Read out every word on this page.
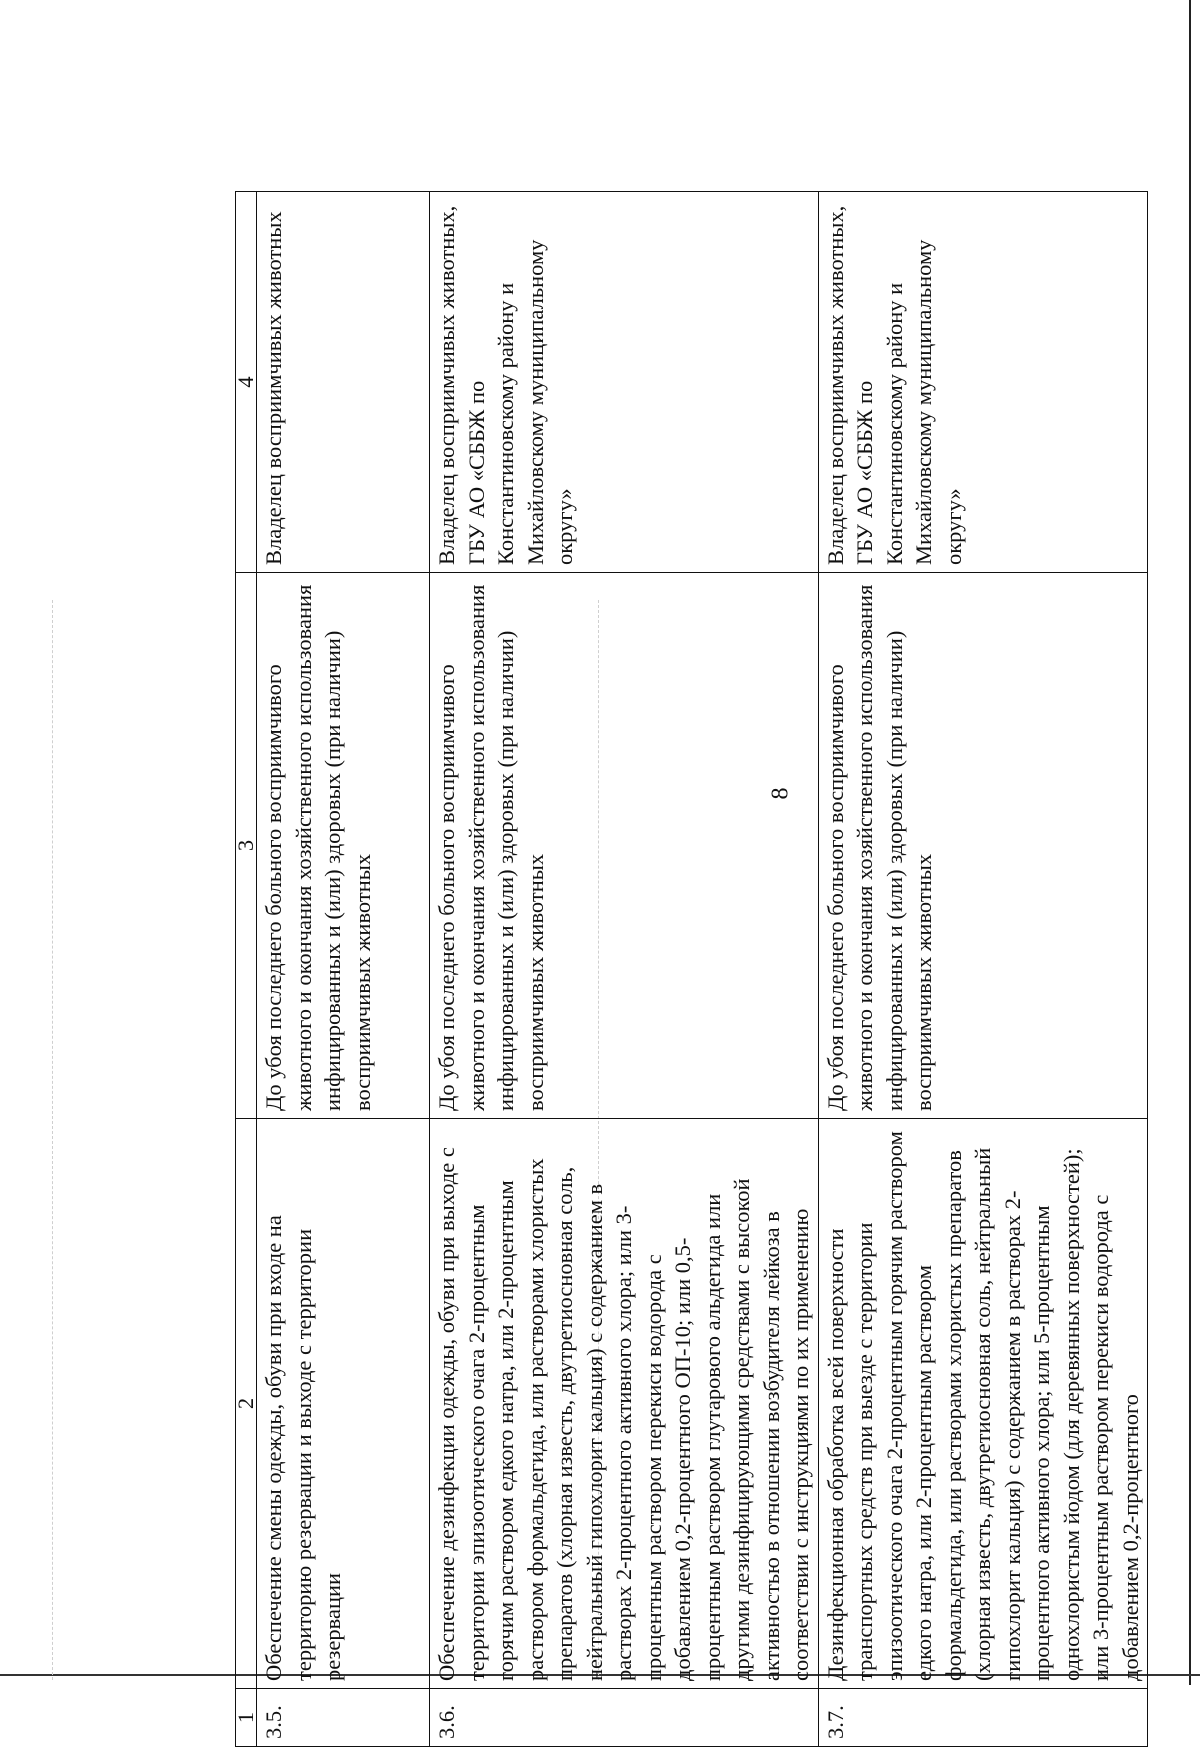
8
1	2	3	4
3.5.	Обеспечение смены одежды, обуви при входе на территорию резервации и выходе с территории резервации	До убоя последнего больного восприимчивого животного и окончания хозяйственного использования инфицированных и (или) здоровых (при наличии) восприимчивых животных	Владелец восприимчивых животных
3.6.	Обеспечение дезинфекции одежды, обуви при выходе с территории эпизоотического очага 2-процентным горячим раствором едкого натра, или 2-процентным раствором формальдегида, или растворами хлористых препаратов (хлорная известь, двутретиосновная соль, нейтральный гипохлорит кальция) с содержанием в растворах 2-процентного активного хлора; или 3-процентным раствором перекиси водорода с добавлением 0,2-процентного ОП-10; или 0,5-процентным раствором глутарового альдегида или другими дезинфицирующими средствами с высокой активностью в отношении возбудителя лейкоза в соответствии с инструкциями по их применению	До убоя последнего больного восприимчивого животного и окончания хозяйственного использования инфицированных и (или) здоровых (при наличии) восприимчивых животных	Владелец восприимчивых животных, ГБУ АО «СББЖ по Константиновскому району и Михайловскому муниципальному округу»
3.7.	Дезинфекционная обработка всей поверхности транспортных средств при выезде с территории эпизоотического очага 2-процентным горячим раствором едкого натра, или 2-процентным раствором формальдегида, или растворами хлористых препаратов (хлорная известь, двутретиосновная соль, нейтральный гипохлорит кальция) с содержанием в растворах 2-процентного активного хлора; или 5-процентным однохлористым йодом (для деревянных поверхностей); или 3-процентным раствором перекиси водорода с добавлением 0,2-процентного	До убоя последнего больного восприимчивого животного и окончания хозяйственного использования инфицированных и (или) здоровых (при наличии) восприимчивых животных	Владелец восприимчивых животных, ГБУ АО «СББЖ по Константиновскому району и Михайловскому муниципальному округу»
